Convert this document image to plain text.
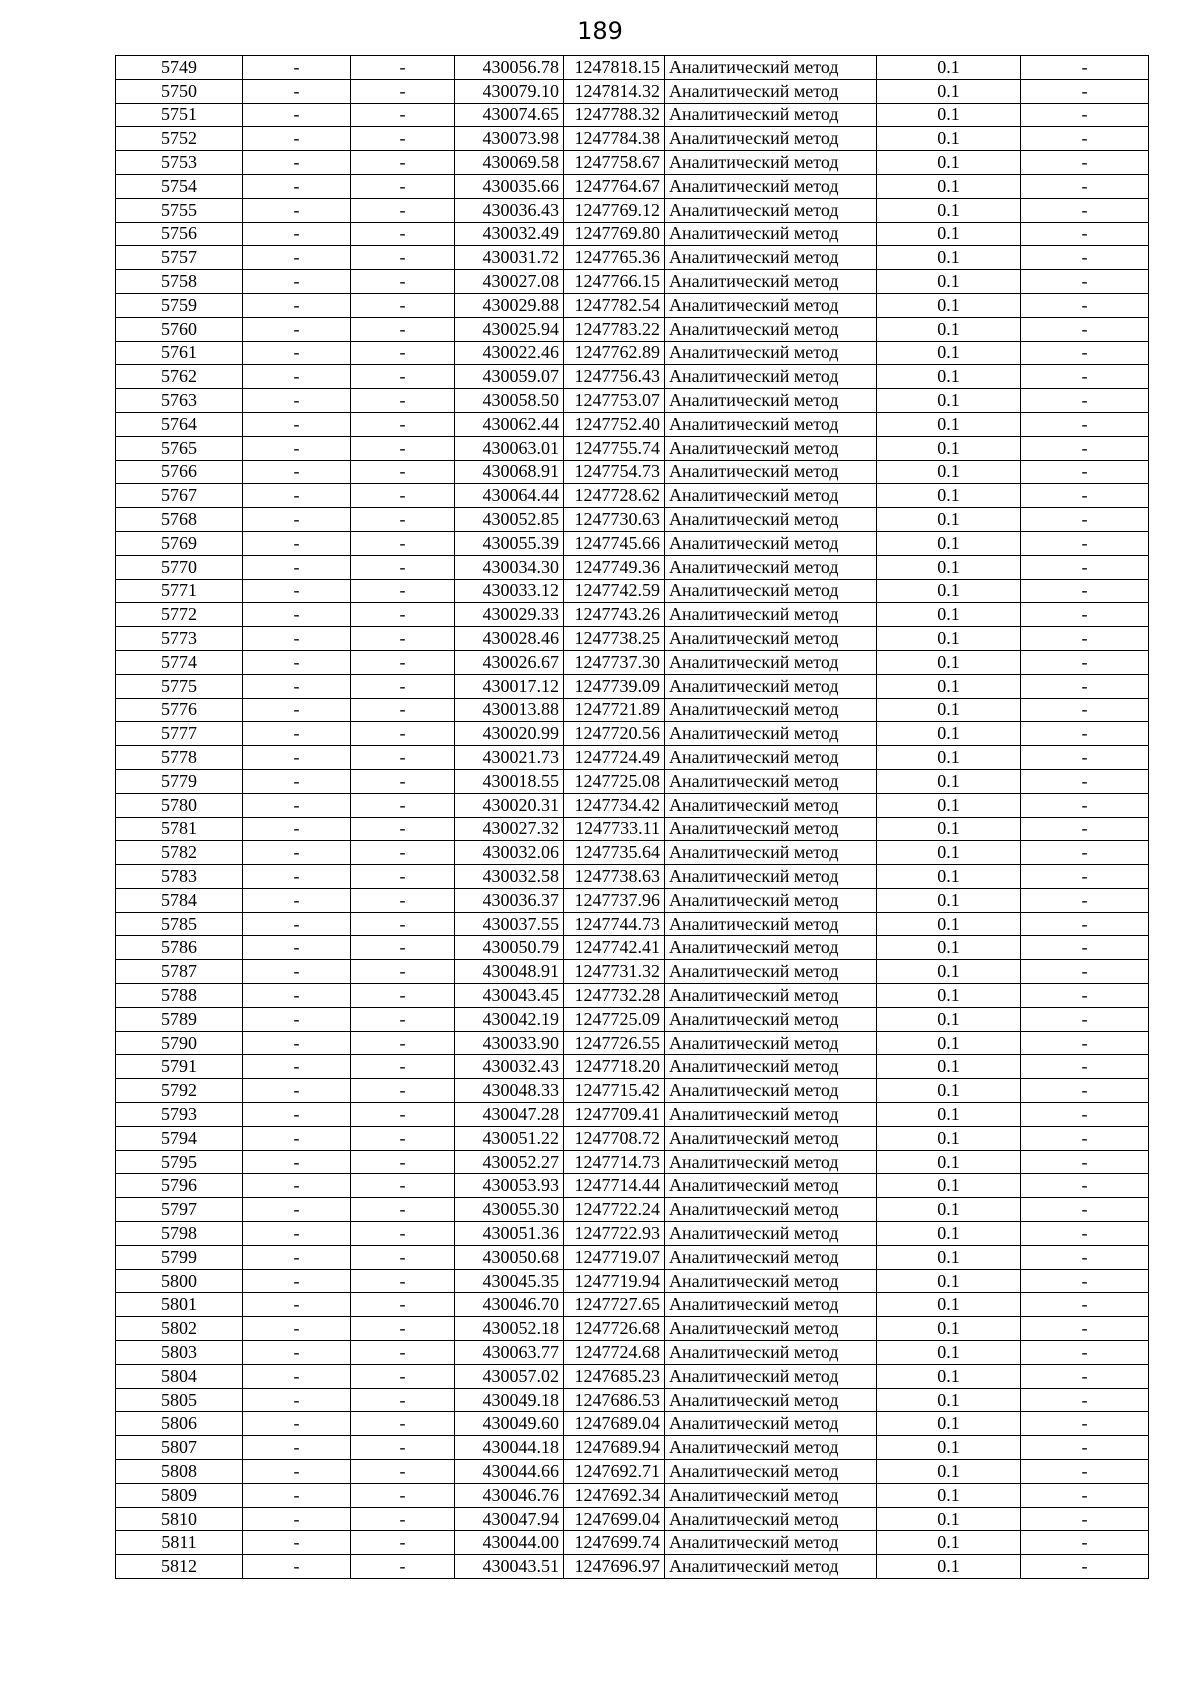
189
5749	-	-	430056.78	1247818.15	Аналитический метод	0.1	-
5750	-	-	430079.10	1247814.32	Аналитический метод	0.1	-
5751	-	-	430074.65	1247788.32	Аналитический метод	0.1	-
5752	-	-	430073.98	1247784.38	Аналитический метод	0.1	-
5753	-	-	430069.58	1247758.67	Аналитический метод	0.1	-
5754	-	-	430035.66	1247764.67	Аналитический метод	0.1	-
5755	-	-	430036.43	1247769.12	Аналитический метод	0.1	-
5756	-	-	430032.49	1247769.80	Аналитический метод	0.1	-
5757	-	-	430031.72	1247765.36	Аналитический метод	0.1	-
5758	-	-	430027.08	1247766.15	Аналитический метод	0.1	-
5759	-	-	430029.88	1247782.54	Аналитический метод	0.1	-
5760	-	-	430025.94	1247783.22	Аналитический метод	0.1	-
5761	-	-	430022.46	1247762.89	Аналитический метод	0.1	-
5762	-	-	430059.07	1247756.43	Аналитический метод	0.1	-
5763	-	-	430058.50	1247753.07	Аналитический метод	0.1	-
5764	-	-	430062.44	1247752.40	Аналитический метод	0.1	-
5765	-	-	430063.01	1247755.74	Аналитический метод	0.1	-
5766	-	-	430068.91	1247754.73	Аналитический метод	0.1	-
5767	-	-	430064.44	1247728.62	Аналитический метод	0.1	-
5768	-	-	430052.85	1247730.63	Аналитический метод	0.1	-
5769	-	-	430055.39	1247745.66	Аналитический метод	0.1	-
5770	-	-	430034.30	1247749.36	Аналитический метод	0.1	-
5771	-	-	430033.12	1247742.59	Аналитический метод	0.1	-
5772	-	-	430029.33	1247743.26	Аналитический метод	0.1	-
5773	-	-	430028.46	1247738.25	Аналитический метод	0.1	-
5774	-	-	430026.67	1247737.30	Аналитический метод	0.1	-
5775	-	-	430017.12	1247739.09	Аналитический метод	0.1	-
5776	-	-	430013.88	1247721.89	Аналитический метод	0.1	-
5777	-	-	430020.99	1247720.56	Аналитический метод	0.1	-
5778	-	-	430021.73	1247724.49	Аналитический метод	0.1	-
5779	-	-	430018.55	1247725.08	Аналитический метод	0.1	-
5780	-	-	430020.31	1247734.42	Аналитический метод	0.1	-
5781	-	-	430027.32	1247733.11	Аналитический метод	0.1	-
5782	-	-	430032.06	1247735.64	Аналитический метод	0.1	-
5783	-	-	430032.58	1247738.63	Аналитический метод	0.1	-
5784	-	-	430036.37	1247737.96	Аналитический метод	0.1	-
5785	-	-	430037.55	1247744.73	Аналитический метод	0.1	-
5786	-	-	430050.79	1247742.41	Аналитический метод	0.1	-
5787	-	-	430048.91	1247731.32	Аналитический метод	0.1	-
5788	-	-	430043.45	1247732.28	Аналитический метод	0.1	-
5789	-	-	430042.19	1247725.09	Аналитический метод	0.1	-
5790	-	-	430033.90	1247726.55	Аналитический метод	0.1	-
5791	-	-	430032.43	1247718.20	Аналитический метод	0.1	-
5792	-	-	430048.33	1247715.42	Аналитический метод	0.1	-
5793	-	-	430047.28	1247709.41	Аналитический метод	0.1	-
5794	-	-	430051.22	1247708.72	Аналитический метод	0.1	-
5795	-	-	430052.27	1247714.73	Аналитический метод	0.1	-
5796	-	-	430053.93	1247714.44	Аналитический метод	0.1	-
5797	-	-	430055.30	1247722.24	Аналитический метод	0.1	-
5798	-	-	430051.36	1247722.93	Аналитический метод	0.1	-
5799	-	-	430050.68	1247719.07	Аналитический метод	0.1	-
5800	-	-	430045.35	1247719.94	Аналитический метод	0.1	-
5801	-	-	430046.70	1247727.65	Аналитический метод	0.1	-
5802	-	-	430052.18	1247726.68	Аналитический метод	0.1	-
5803	-	-	430063.77	1247724.68	Аналитический метод	0.1	-
5804	-	-	430057.02	1247685.23	Аналитический метод	0.1	-
5805	-	-	430049.18	1247686.53	Аналитический метод	0.1	-
5806	-	-	430049.60	1247689.04	Аналитический метод	0.1	-
5807	-	-	430044.18	1247689.94	Аналитический метод	0.1	-
5808	-	-	430044.66	1247692.71	Аналитический метод	0.1	-
5809	-	-	430046.76	1247692.34	Аналитический метод	0.1	-
5810	-	-	430047.94	1247699.04	Аналитический метод	0.1	-
5811	-	-	430044.00	1247699.74	Аналитический метод	0.1	-
5812	-	-	430043.51	1247696.97	Аналитический метод	0.1	-
